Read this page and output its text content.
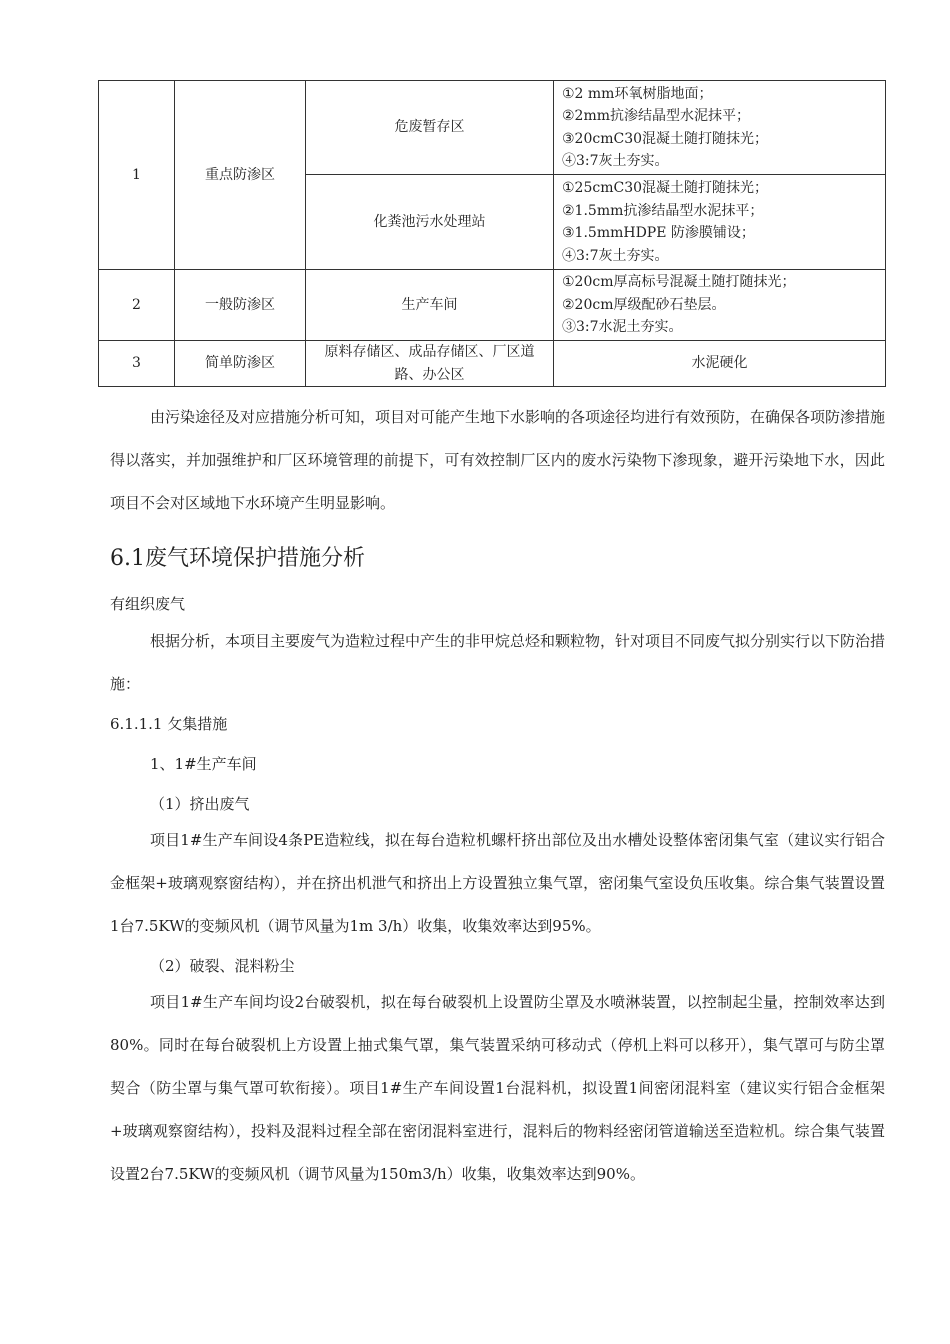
1	重点防渗区	危废暂存区	①2 mm环氧树脂地面；
②2mm抗渗结晶型水泥抹平；
③20cmC30混凝土随打随抹光；
④3:7灰土夯实。

		化粪池污水处理站	①25cmC30混凝土随打随抹光；
②1.5mm抗渗结晶型水泥抹平；
③1.5mmHDPE 防渗膜铺设；
④3:7灰土夯实。

2	一般防渗区	生产车间	①20cm厚高标号混凝土随打随抹光；
②20cm厚级配砂石垫层。
③3:7水泥土夯实。

3	简单防渗区	原料存储区、成品存储区、厂区道路、办公区	水泥硬化

由污染途径及对应措施分析可知，项目对可能产生地下水影响的各项途径均进行有效预防，在确保各项防渗措施得以落实，并加强维护和厂区环境管理的前提下，可有效控制厂区内的废水污染物下渗现象，避开污染地下水，因此项目不会对区域地下水环境产生明显影响。

6.1废气环境保护措施分析

有组织废气

根据分析，本项目主要废气为造粒过程中产生的非甲烷总烃和颗粒物，针对项目不同废气拟分别实行以下防治措施：

6.1.1.1 攵集措施

1、1#生产车间

（1）挤出废气

项目1#生产车间设4条PE造粒线，拟在每台造粒机螺杆挤出部位及出水槽处设整体密闭集气室（建议实行铝合金框架+玻璃观察窗结构），并在挤出机泄气和挤出上方设置独立集气罩，密闭集气室设负压收集。综合集气装置设置1台7.5KW的变频风机（调节风量为1m 3/h）收集，收集效率达到95%。

（2）破裂、混料粉尘

项目1#生产车间均设2台破裂机，拟在每台破裂机上设置防尘罩及水喷淋装置，以控制起尘量，控制效率达到80%。同时在每台破裂机上方设置上抽式集气罩，集气装置采纳可移动式（停机上料可以移开），集气罩可与防尘罩契合（防尘罩与集气罩可软衔接）。项目1#生产车间设置1台混料机，拟设置1间密闭混料室（建议实行铝合金框架+玻璃观察窗结构），投料及混料过程全部在密闭混料室进行，混料后的物料经密闭管道输送至造粒机。综合集气装置设置2台7.5KW的变频风机（调节风量为150m3/h）收集，收集效率达到90%。
